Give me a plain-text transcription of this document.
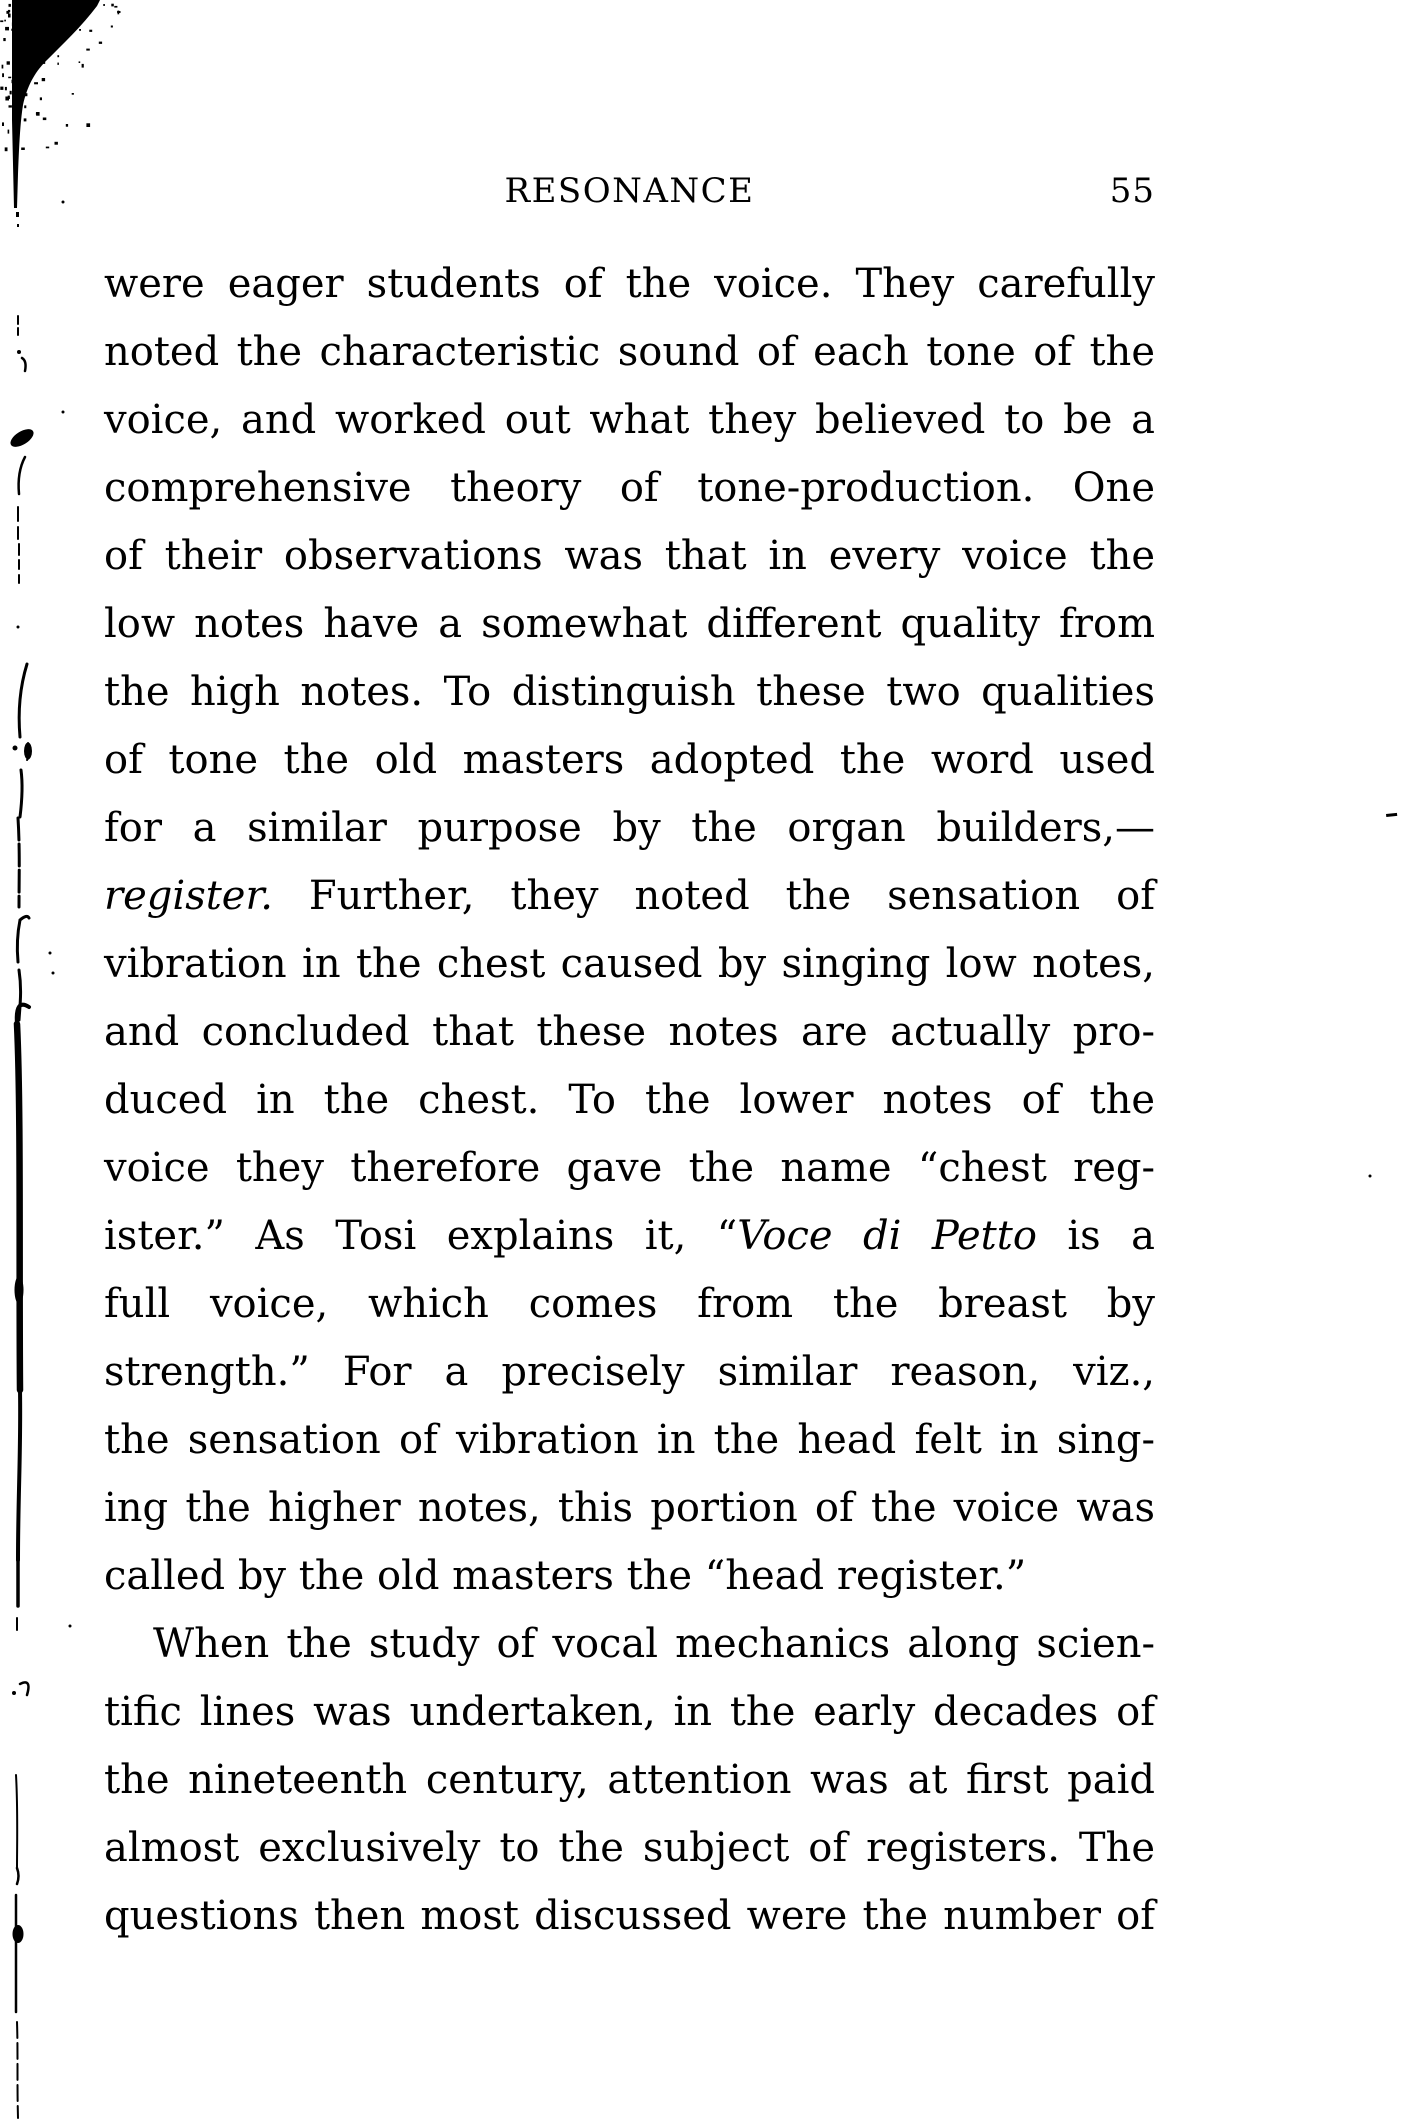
RESONANCE	55
were eager students of the voice. They carefully
noted the characteristic sound of each tone of the
voice, and worked out what they believed to be a
comprehensive theory of tone-production. One
of their observations was that in every voice the
low notes have a somewhat different quality from
the high notes. To distinguish these two qualities
of tone the old masters adopted the word used
for a similar purpose by the organ builders,—
register. Further, they noted the sensation of
vibration in the chest caused by singing low notes,
and concluded that these notes are actually pro-
duced in the chest. To the lower notes of the
voice they therefore gave the name “chest reg-
ister.” As Tosi explains it, “Voce di Petto is a
full voice, which comes from the breast by
strength.” For a precisely similar reason, viz.,
the sensation of vibration in the head felt in sing-
ing the higher notes, this portion of the voice was
called by the old masters the “head register.”
When the study of vocal mechanics along scien-
tific lines was undertaken, in the early decades of
the nineteenth century, attention was at first paid
almost exclusively to the subject of registers. The
questions then most discussed were the number of
